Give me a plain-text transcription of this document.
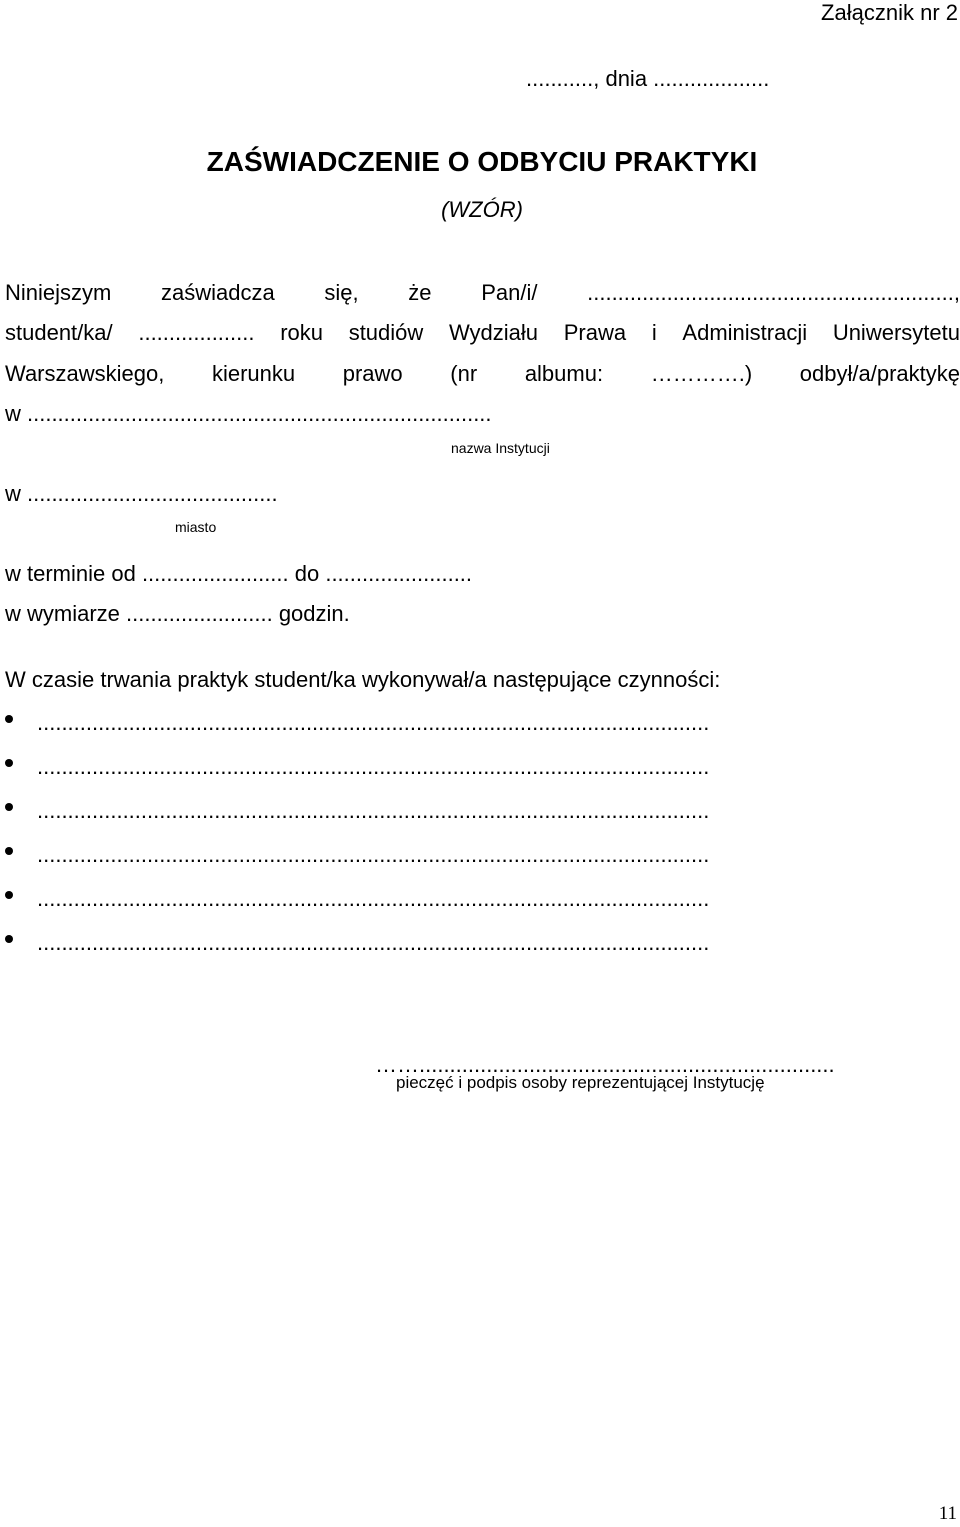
Załącznik nr 2
..........., dnia ...................
ZAŚWIADCZENIE O ODBYCIU PRAKTYKI
(WZÓR)
Niniejszym zaświadcza się, że Pan/i/ ............................................................,
student/ka/ ................... roku studiów Wydziału Prawa i Administracji Uniwersytetu
Warszawskiego, kierunku prawo (nr albumu: ………….) odbył/a/praktykę
w ............................................................................
nazwa Instytucji
w .........................................
miasto
w terminie od ........................ do ........................
w wymiarze ........................ godzin.
W czasie trwania praktyk student/ka wykonywał/a następujące czynności:
..............................................................................................................
..............................................................................................................
..............................................................................................................
..............................................................................................................
..............................................................................................................
..............................................................................................................
……....................................................................
pieczęć i podpis osoby reprezentującej Instytucję
11
